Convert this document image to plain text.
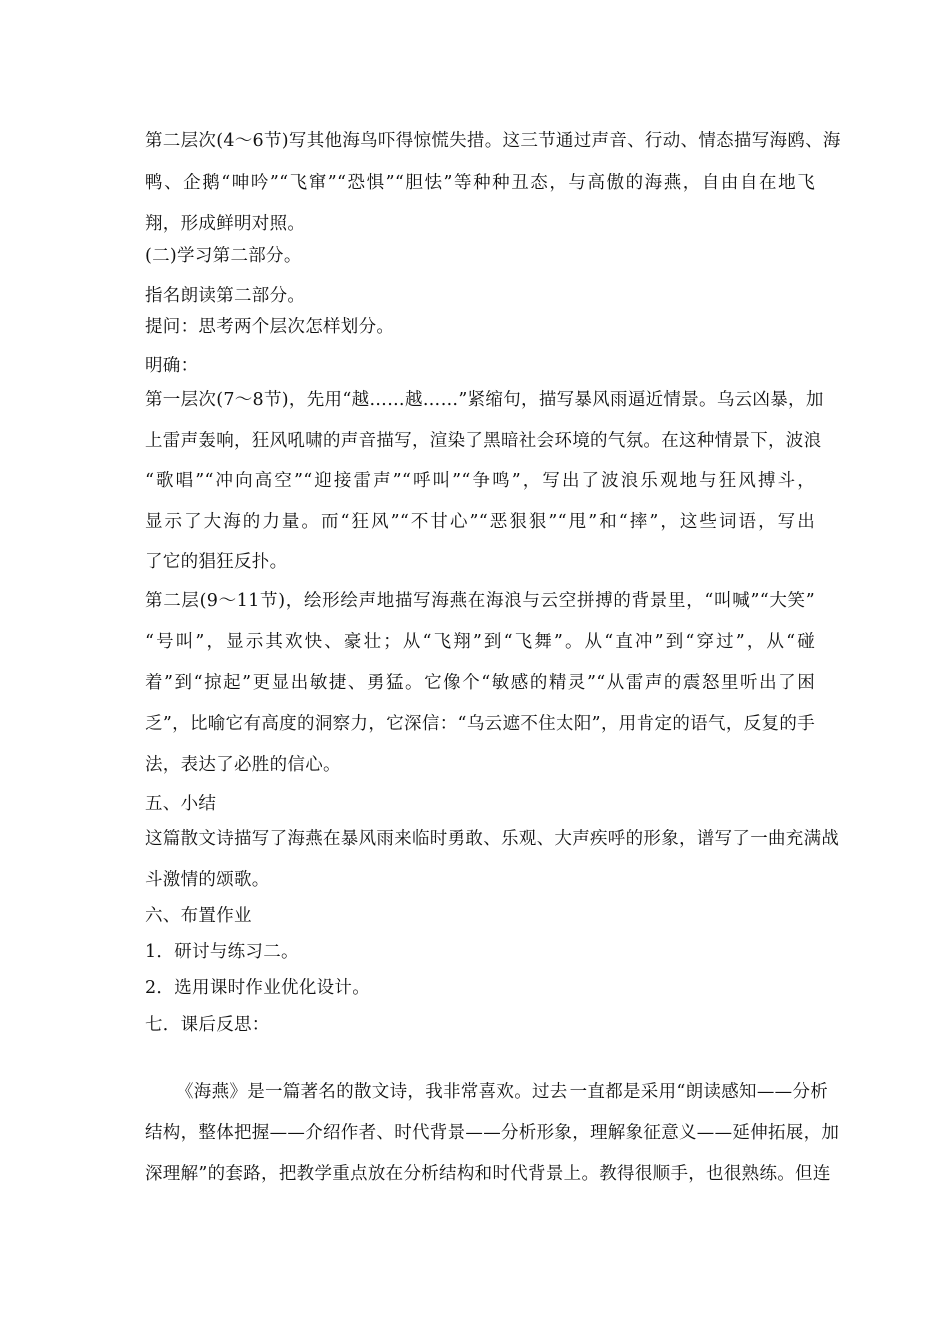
第二层次(4～6节)写其他海鸟吓得惊慌失措。这三节通过声音、行动、情态描写海鸥、海
鸭、企鹅“呻吟”“飞窜”“恐惧”“胆怯”等种种丑态，与高傲的海燕，自由自在地飞
翔，形成鲜明对照。
(二)学习第二部分。
指名朗读第二部分。
提问：思考两个层次怎样划分。
明确：
第一层次(7～8节)，先用“越……越……”紧缩句，描写暴风雨逼近情景。乌云凶暴，加
上雷声轰响，狂风吼啸的声音描写，渲染了黑暗社会环境的气氛。在这种情景下，波浪
“歌唱”“冲向高空”“迎接雷声”“呼叫”“争鸣”，写出了波浪乐观地与狂风搏斗，
显示了大海的力量。而“狂风”“不甘心”“恶狠狠”“甩”和“摔”，这些词语，写出
了它的猖狂反扑。
第二层(9～11节)，绘形绘声地描写海燕在海浪与云空拼搏的背景里，“叫喊”“大笑”
“号叫”，显示其欢快、豪壮；从“飞翔”到“飞舞”。从“直冲”到“穿过”，从“碰
着”到“掠起”更显出敏捷、勇猛。它像个“敏感的精灵”“从雷声的震怒里听出了困
乏”，比喻它有高度的洞察力，它深信：“乌云遮不住太阳”，用肯定的语气，反复的手
法，表达了必胜的信心。
五、小结
这篇散文诗描写了海燕在暴风雨来临时勇敢、乐观、大声疾呼的形象，谱写了一曲充满战
斗激情的颂歌。
六、布置作业
1．研讨与练习二。
2．选用课时作业优化设计。
七．课后反思：
《海燕》是一篇著名的散文诗，我非常喜欢。过去 一直都是采用“朗读感知——分析
结构，整体把握——介绍作者、时代背景——分析形象，理解象征意义——延伸拓展，加
深理解”的套路，把教学重点放在分析结构和时代背景上。教得很顺手，也很熟练。但连
